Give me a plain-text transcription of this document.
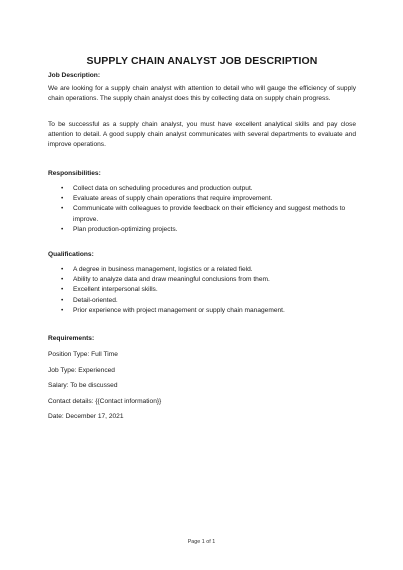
SUPPLY CHAIN ANALYST JOB DESCRIPTION
Job Description:
We are looking for a supply chain analyst with attention to detail who will gauge the efficiency of supply chain operations. The supply chain analyst does this by collecting data on supply chain progress.
To be successful as a supply chain analyst, you must have excellent analytical skills and pay close attention to detail. A good supply chain analyst communicates with several departments to evaluate and improve operations.
Responsibilities:
• Collect data on scheduling procedures and production output.
• Evaluate areas of supply chain operations that require improvement.
• Communicate with colleagues to provide feedback on their efficiency and suggest methods to improve.
• Plan production-optimizing projects.
Qualifications:
• A degree in business management, logistics or a related field.
• Ability to analyze data and draw meaningful conclusions from them.
• Excellent interpersonal skills.
• Detail-oriented.
• Prior experience with project management or supply chain management.
Requirements:
Position Type: Full Time
Job Type: Experienced
Salary: To be discussed
Contact details: {{Contact information}}
Date: December 17, 2021
Page 1 of 1
